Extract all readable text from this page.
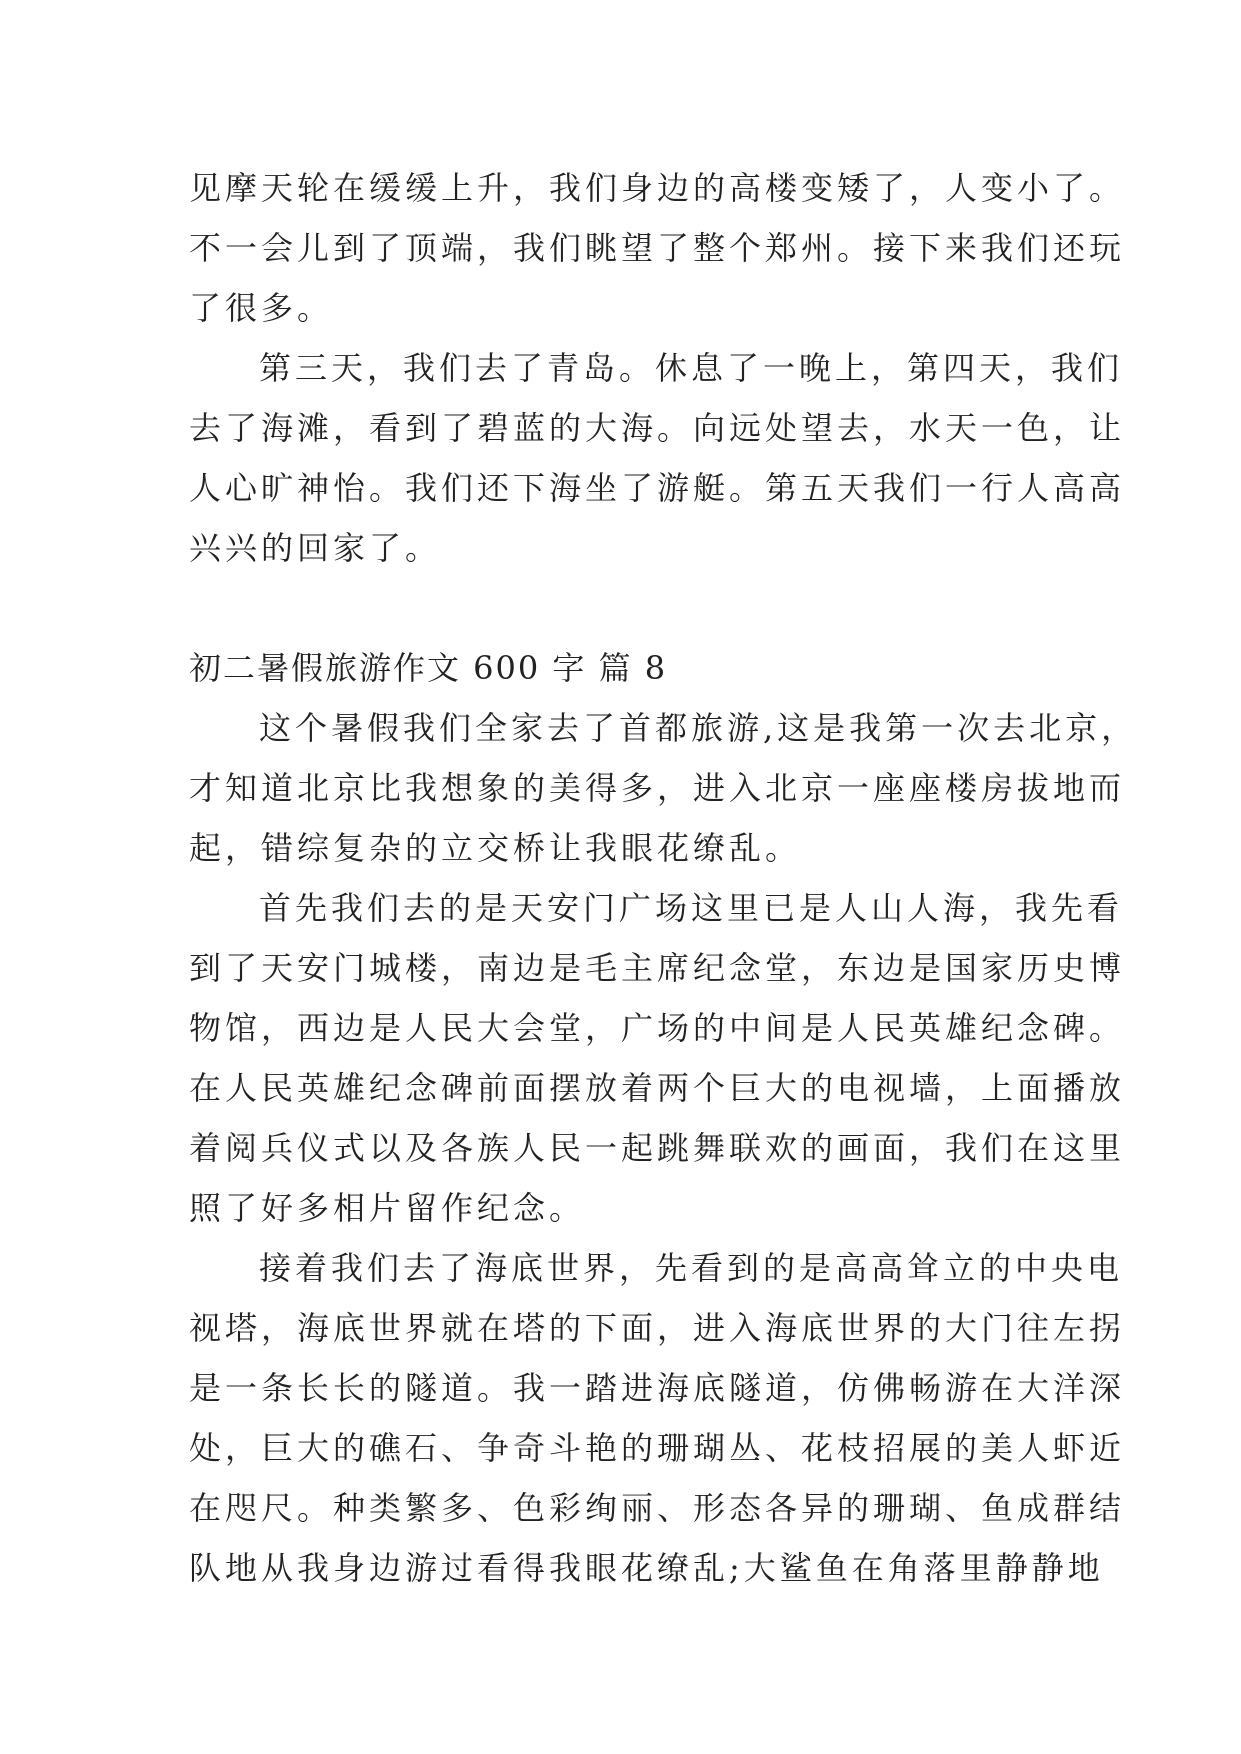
见摩天轮在缓缓上升，我们身边的高楼变矮了，人变小了。
不一会儿到了顶端，我们眺望了整个郑州。接下来我们还玩
了很多。
第三天，我们去了青岛。休息了一晚上，第四天，我们
去了海滩，看到了碧蓝的大海。向远处望去，水天一色，让
人心旷神怡。我们还下海坐了游艇。第五天我们一行人高高
兴兴的回家了。
初二暑假旅游作文 600 字 篇 8
这个暑假我们全家去了首都旅游,这是我第一次去北京，
才知道北京比我想象的美得多，进入北京一座座楼房拔地而
起，错综复杂的立交桥让我眼花缭乱。
首先我们去的是天安门广场这里已是人山人海，我先看
到了天安门城楼，南边是毛主席纪念堂，东边是国家历史博
物馆，西边是人民大会堂，广场的中间是人民英雄纪念碑。
在人民英雄纪念碑前面摆放着两个巨大的电视墙，上面播放
着阅兵仪式以及各族人民一起跳舞联欢的画面，我们在这里
照了好多相片留作纪念。
接着我们去了海底世界，先看到的是高高耸立的中央电
视塔，海底世界就在塔的下面，进入海底世界的大门往左拐
是一条长长的隧道。我一踏进海底隧道，仿佛畅游在大洋深
处，巨大的礁石、争奇斗艳的珊瑚丛、花枝招展的美人虾近
在咫尺。种类繁多、色彩绚丽、形态各异的珊瑚、鱼成群结
队地从我身边游过看得我眼花缭乱;大鲨鱼在角落里静静地
